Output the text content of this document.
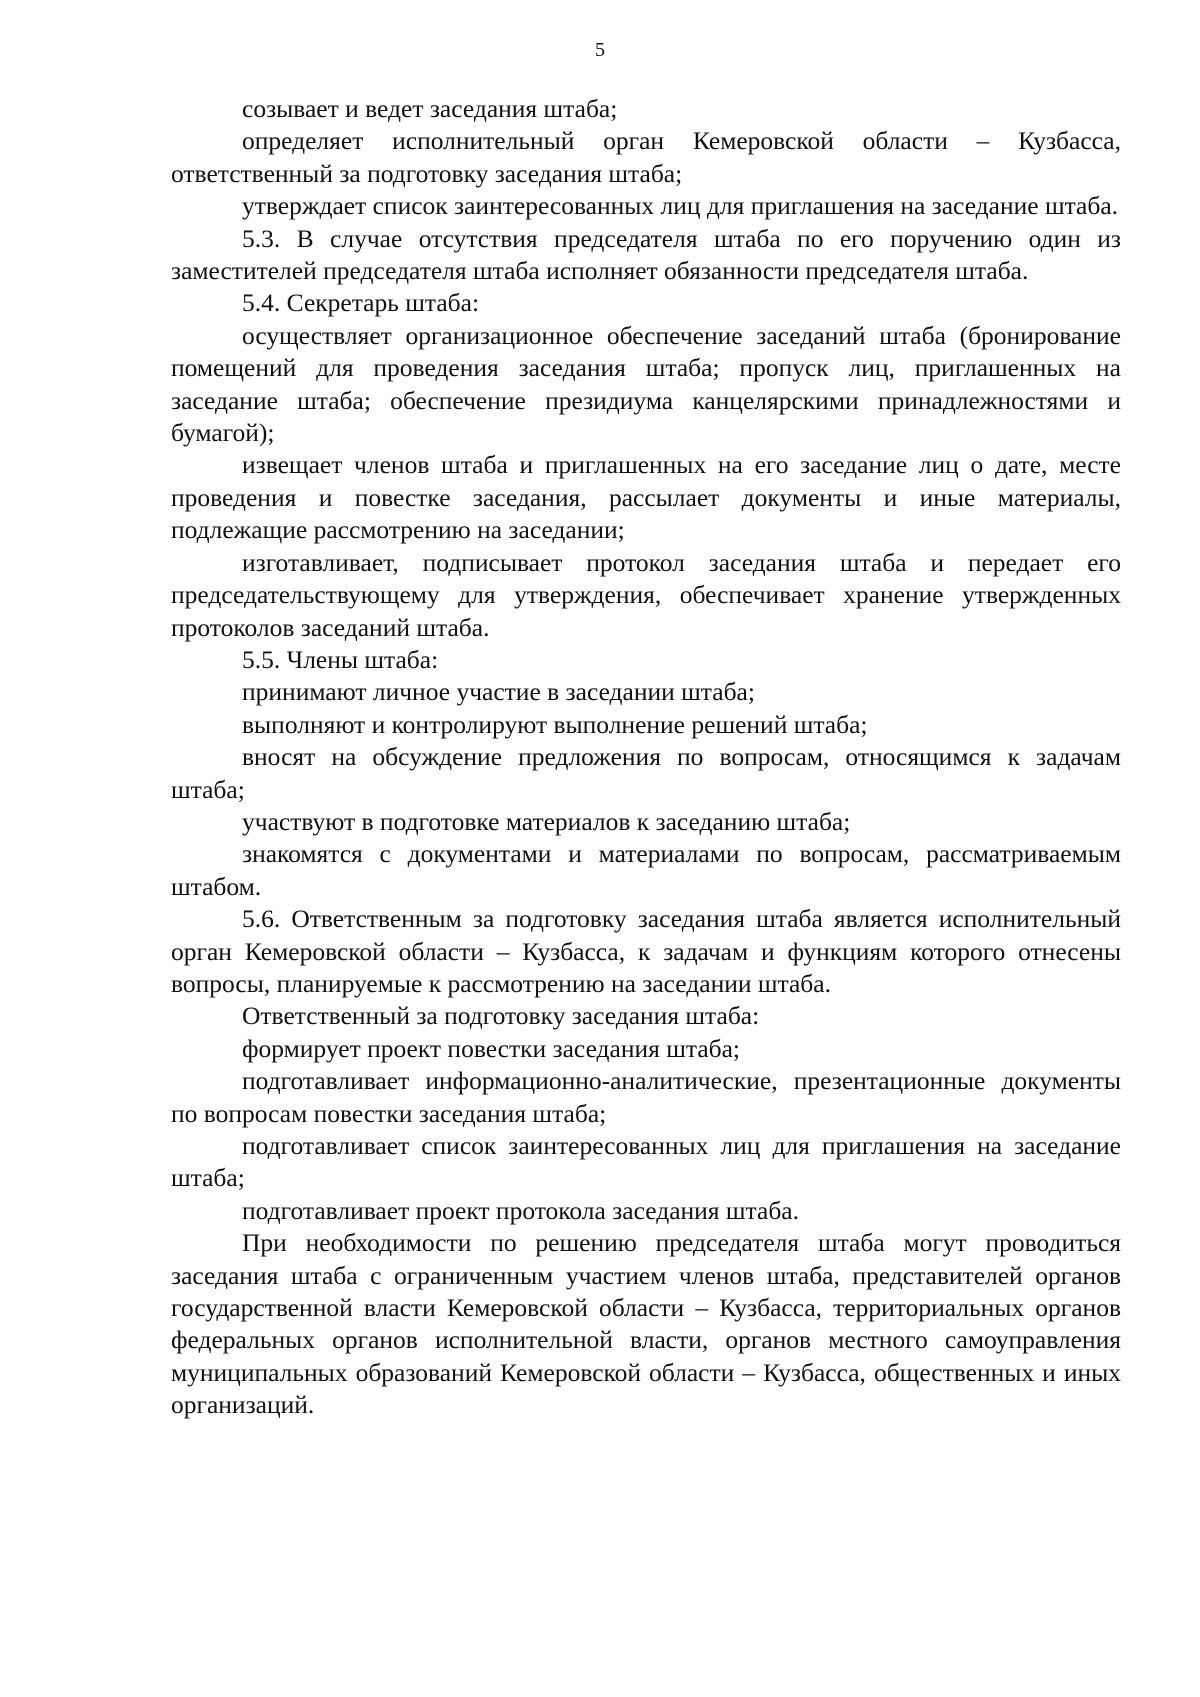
5

созывает и ведет заседания штаба;

определяет исполнительный орган Кемеровской области – Кузбасса, ответственный за подготовку заседания штаба;

утверждает список заинтересованных лиц для приглашения на заседание штаба.

5.3. В случае отсутствия председателя штаба по его поручению один из заместителей председателя штаба исполняет обязанности председателя штаба.

5.4. Секретарь штаба:

осуществляет организационное обеспечение заседаний штаба (бронирование помещений для проведения заседания штаба; пропуск лиц, приглашенных на заседание штаба; обеспечение президиума канцелярскими принадлежностями и бумагой);

извещает членов штаба и приглашенных на его заседание лиц о дате, месте проведения и повестке заседания, рассылает документы и иные материалы, подлежащие рассмотрению на заседании;

изготавливает, подписывает протокол заседания штаба и передает его председательствующему для утверждения, обеспечивает хранение утвержденных протоколов заседаний штаба.

5.5. Члены штаба:

принимают личное участие в заседании штаба;

выполняют и контролируют выполнение решений штаба;

вносят на обсуждение предложения по вопросам, относящимся к задачам штаба;

участвуют в подготовке материалов к заседанию штаба;

знакомятся с документами и материалами по вопросам, рассматриваемым штабом.

5.6. Ответственным за подготовку заседания штаба является исполнительный орган Кемеровской области – Кузбасса, к задачам и функциям которого отнесены вопросы, планируемые к рассмотрению на заседании штаба.

Ответственный за подготовку заседания штаба:

формирует проект повестки заседания штаба;

подготавливает информационно-аналитические, презентационные документы по вопросам повестки заседания штаба;

подготавливает список заинтересованных лиц для приглашения на заседание штаба;

подготавливает проект протокола заседания штаба.

При необходимости по решению председателя штаба могут проводиться заседания штаба с ограниченным участием членов штаба, представителей органов государственной власти Кемеровской области – Кузбасса, территориальных органов федеральных органов исполнительной власти, органов местного самоуправления муниципальных образований Кемеровской области – Кузбасса, общественных и иных организаций.
